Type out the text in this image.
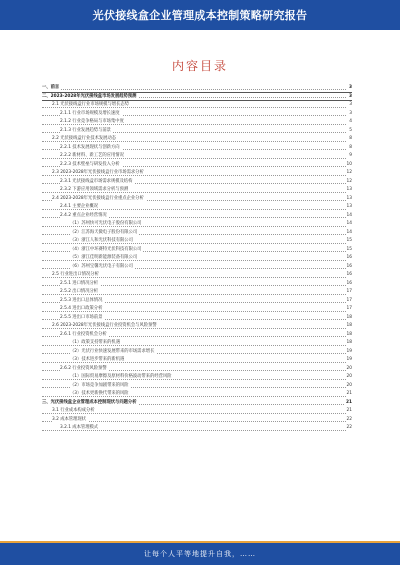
光伏接线盒企业管理成本控制策略研究报告
内容目录
一、前言	3
二、2023-2028年光伏接线盒市场发展趋势预测	3
2.1 光伏接线盒行业市场规模与增长态势	3
2.1.1 行业市场规模及增长速度	3
2.1.2 行业竞争格局与市场集中度	4
2.1.3 行业发展趋势与前景	5
2.2 光伏接线盒行业技术发展动态	8
2.2.1 技术发展现状与创新方向	8
2.2.2 新材料、新工艺的应用情况	9
2.2.3 技术壁垒与研发投入分析	10
2.3 2023-2028年光伏接线盒行业市场需求分析	12
2.3.1 光伏接线盒市场需求规模及结构	12
2.3.2 下游应用领域需求分析与预测	13
2.4 2023-2028年光伏接线盒行业重点企业分析	13
2.4.1 主要企业概况	13
2.4.2 重点企业经营情况	14
（1）苏州快可光伏电子股份有限公司	14
（2）江苏海天微电子股份有限公司	14
（3）浙江人和光伏科技有限公司	15
（4）浙江中环赛特光伏科技有限公司	15
（5）浙江佳明新能源装备有限公司	16
（6）苏州宝馨光伏电子有限公司	16
2.5 行业进出口情况分析	16
2.5.1 进口情况分析	16
2.5.2 出口情况分析	17
2.5.3 进出口总体情况	17
2.5.4 进出口政策分析	17
2.5.5 进出口市场前景	18
2.6 2023-2028年光伏接线盒行业投资机会与风险预警	18
2.6.1 行业投资机会分析	18
（1）政策支持带来的机遇	18
（2）光伏行业快速发展带来的市场需求增长	19
（3）技术进步带来的新机遇	19
2.6.2 行业投资风险预警	20
（1）国际贸易摩擦及原材料价格波动带来的经营风险	20
（2）市场竞争加剧带来的风险	20
（3）技术更新换代带来的风险	21
三、光伏接线盒企业管理成本控制现状与问题分析	21
3.1 行业成本构成分析	21
3.2 成本管理现状	22
3.2.1 成本管理模式	22
让每个人平等地提升自我，……
